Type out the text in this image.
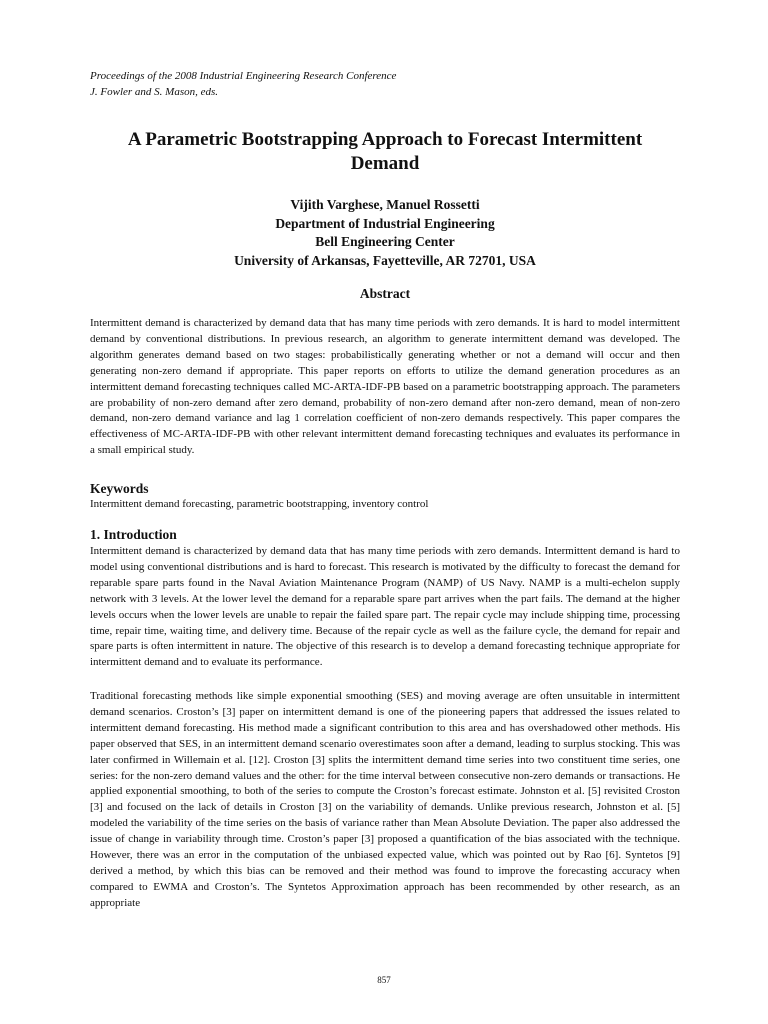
Proceedings of the 2008 Industrial Engineering Research Conference
J. Fowler and S. Mason, eds.
A Parametric Bootstrapping Approach to Forecast Intermittent
Demand
Vijith Varghese, Manuel Rossetti
Department of Industrial Engineering
Bell Engineering Center
University of Arkansas, Fayetteville, AR 72701, USA
Abstract

Intermittent demand is characterized by demand data that has many time periods with zero demands. It is hard to model intermittent demand by conventional distributions. In previous research, an algorithm to generate intermittent demand was developed. The algorithm generates demand based on two stages: probabilistically generating whether or not a demand will occur and then generating non-zero demand if appropriate. This paper reports on efforts to utilize the demand generation procedures as an intermittent demand forecasting techniques called MC-ARTA-IDF-PB based on a parametric bootstrapping approach. The parameters are probability of non-zero demand after zero demand, probability of non-zero demand after non-zero demand, mean of non-zero demand, non-zero demand variance and lag 1 correlation coefficient of non-zero demands respectively. This paper compares the effectiveness of MC-ARTA-IDF-PB with other relevant intermittent demand forecasting techniques and evaluates its performance in a small empirical study.

Keywords

Intermittent demand forecasting, parametric bootstrapping, inventory control

1. Introduction

Intermittent demand is characterized by demand data that has many time periods with zero demands. Intermittent demand is hard to model using conventional distributions and is hard to forecast. This research is motivated by the difficulty to forecast the demand for reparable spare parts found in the Naval Aviation Maintenance Program (NAMP) of US Navy. NAMP is a multi-echelon supply network with 3 levels. At the lower level the demand for a reparable spare part arrives when the part fails. The demand at the higher levels occurs when the lower levels are unable to repair the failed spare part. The repair cycle may include shipping time, processing time, repair time, waiting time, and delivery time. Because of the repair cycle as well as the failure cycle, the demand for repair and spare parts is often intermittent in nature. The objective of this research is to develop a demand forecasting technique appropriate for intermittent demand and to evaluate its performance.

Traditional forecasting methods like simple exponential smoothing (SES) and moving average are often unsuitable in intermittent demand scenarios. Croston’s [3] paper on intermittent demand is one of the pioneering papers that addressed the issues related to intermittent demand forecasting. His method made a significant contribution to this area and has overshadowed other methods. His paper observed that SES, in an intermittent demand scenario overestimates soon after a demand, leading to surplus stocking. This was later confirmed in Willemain et al. [12]. Croston [3] splits the intermittent demand time series into two constituent time series, one series: for the non-zero demand values and the other: for the time interval between consecutive non-zero demands or transactions. He applied exponential smoothing, to both of the series to compute the Croston’s forecast estimate. Johnston et al. [5] revisited Croston [3] and focused on the lack of details in Croston [3] on the variability of demands. Unlike previous research, Johnston et al. [5] modeled the variability of the time series on the basis of variance rather than Mean Absolute Deviation. The paper also addressed the issue of change in variability through time. Croston’s paper [3] proposed a quantification of the bias associated with the technique. However, there was an error in the computation of the unbiased expected value, which was pointed out by Rao [6]. Syntetos [9] derived a method, by which this bias can be removed and their method was found to improve the forecasting accuracy when compared to EWMA and Croston’s. The Syntetos Approximation approach has been recommended by other research, as an appropriate

857
